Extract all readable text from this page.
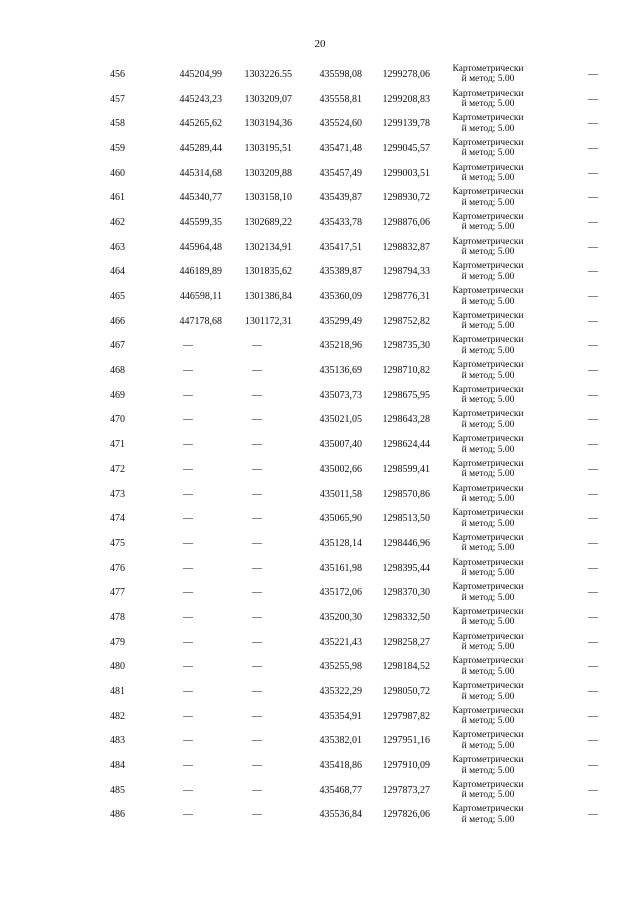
20
456	445204,99	1303226.55	435598,08	1299278,06	Картометрически
й метод; 5.00	—
457	445243,23	1303209,07	435558,81	1299208,83	Картометрически
й метод; 5.00	—
458	445265,62	1303194,36	435524,60	1299139,78	Картометрически
й метод; 5.00	—
459	445289,44	1303195,51	435471,48	1299045,57	Картометрически
й метод; 5.00	—
460	445314,68	1303209,88	435457,49	1299003,51	Картометрически
й метод; 5.00	—
461	445340,77	1303158,10	435439,87	1298930,72	Картометрически
й метод; 5.00	—
462	445599,35	1302689,22	435433,78	1298876,06	Картометрически
й метод; 5.00	—
463	445964,48	1302134,91	435417,51	1298832,87	Картометрически
й метод; 5.00	—
464	446189,89	1301835,62	435389,87	1298794,33	Картометрически
й метод; 5.00	—
465	446598,11	1301386,84	435360,09	1298776,31	Картометрически
й метод; 5.00	—
466	447178,68	1301172,31	435299,49	1298752,82	Картометрически
й метод; 5.00	—
467	—	—	435218,96	1298735,30	Картометрически
й метод; 5.00	—
468	—	—	435136,69	1298710,82	Картометрически
й метод; 5.00	—
469	—	—	435073,73	1298675,95	Картометрически
й метод; 5.00	—
470	—	—	435021,05	1298643,28	Картометрически
й метод; 5.00	—
471	—	—	435007,40	1298624,44	Картометрически
й метод; 5.00	—
472	—	—	435002,66	1298599,41	Картометрически
й метод; 5.00	—
473	—	—	435011,58	1298570,86	Картометрически
й метод; 5.00	—
474	—	—	435065,90	1298513,50	Картометрически
й метод; 5.00	—
475	—	—	435128,14	1298446,96	Картометрически
й метод; 5.00	—
476	—	—	435161,98	1298395,44	Картометрически
й метод; 5.00	—
477	—	—	435172,06	1298370,30	Картометрически
й метод; 5.00	—
478	—	—	435200,30	1298332,50	Картометрически
й метод; 5.00	—
479	—	—	435221,43	1298258,27	Картометрически
й метод; 5.00	—
480	—	—	435255,98	1298184,52	Картометрически
й метод; 5.00	—
481	—	—	435322,29	1298050,72	Картометрически
й метод; 5.00	—
482	—	—	435354,91	1297987,82	Картометрически
й метод; 5.00	—
483	—	—	435382,01	1297951,16	Картометрически
й метод; 5.00	—
484	—	—	435418,86	1297910,09	Картометрически
й метод; 5.00	—
485	—	—	435468,77	1297873,27	Картометрически
й метод; 5.00	—
486	—	—	435536,84	1297826,06	Картометрически
й метод; 5.00	—
